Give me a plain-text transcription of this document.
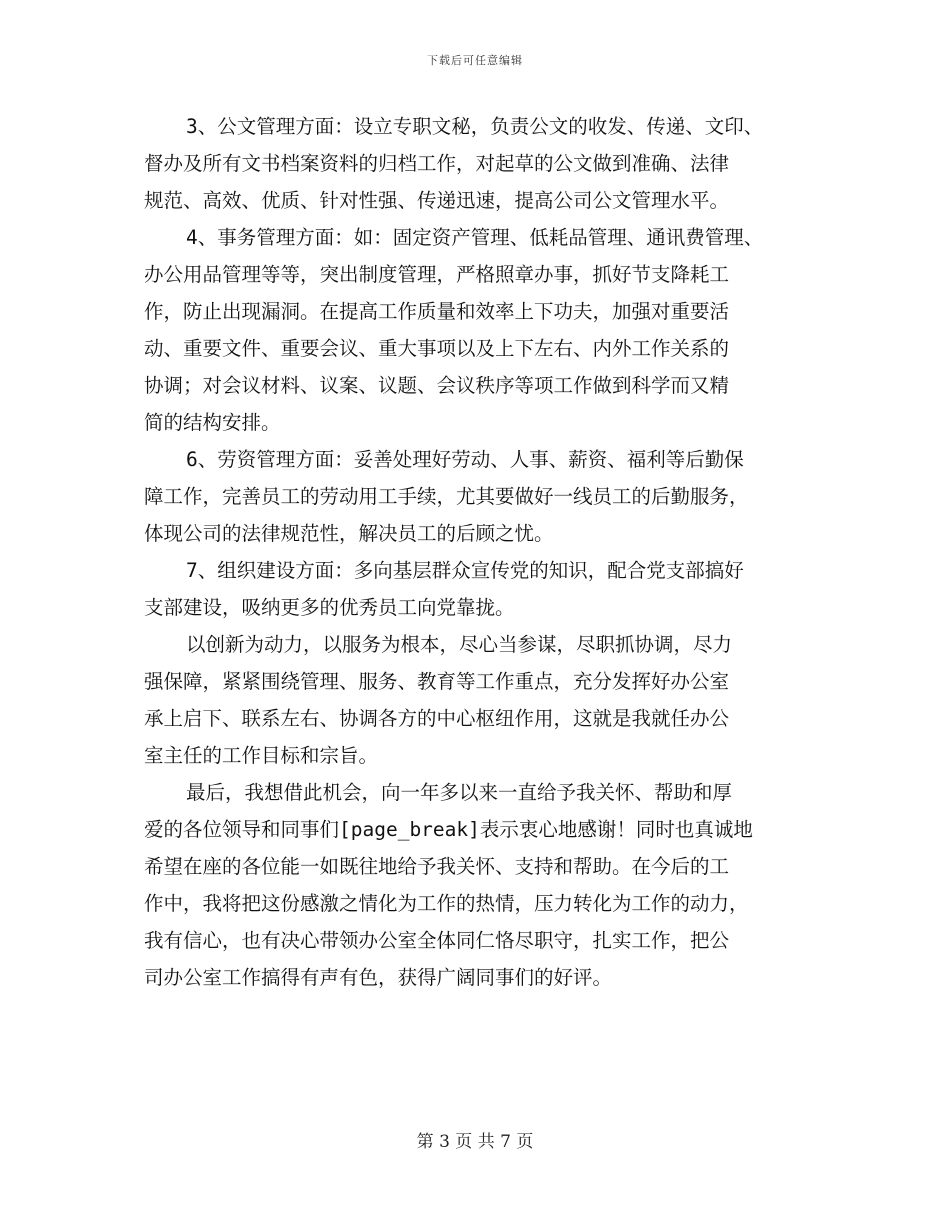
下载后可任意编辑
3、公文管理方面：设立专职文秘，负责公文的收发、传递、文印、
督办及所有文书档案资料的归档工作，对起草的公文做到准确、法律
规范、高效、优质、针对性强、传递迅速，提高公司公文管理水平。
4、事务管理方面：如：固定资产管理、低耗品管理、通讯费管理、
办公用品管理等等，突出制度管理，严格照章办事，抓好节支降耗工
作，防止出现漏洞。在提高工作质量和效率上下功夫，加强对重要活
动、重要文件、重要会议、重大事项以及上下左右、内外工作关系的
协调；对会议材料、议案、议题、会议秩序等项工作做到科学而又精
简的结构安排。
6、劳资管理方面：妥善处理好劳动、人事、薪资、福利等后勤保
障工作，完善员工的劳动用工手续，尤其要做好一线员工的后勤服务，
体现公司的法律规范性，解决员工的后顾之忧。
7、组织建设方面：多向基层群众宣传党的知识，配合党支部搞好
支部建设，吸纳更多的优秀员工向党靠拢。
以创新为动力，以服务为根本，尽心当参谋，尽职抓协调，尽力
强保障，紧紧围绕管理、服务、教育等工作重点，充分发挥好办公室
承上启下、联系左右、协调各方的中心枢纽作用，这就是我就任办公
室主任的工作目标和宗旨。
最后，我想借此机会，向一年多以来一直给予我关怀、帮助和厚
爱的各位领导和同事们[page_break]表示衷心地感谢！同时也真诚地
希望在座的各位能一如既往地给予我关怀、支持和帮助。在今后的工
作中，我将把这份感激之情化为工作的热情，压力转化为工作的动力，
我有信心，也有决心带领办公室全体同仁恪尽职守，扎实工作，把公
司办公室工作搞得有声有色，获得广阔同事们的好评。
第 3 页 共 7 页
